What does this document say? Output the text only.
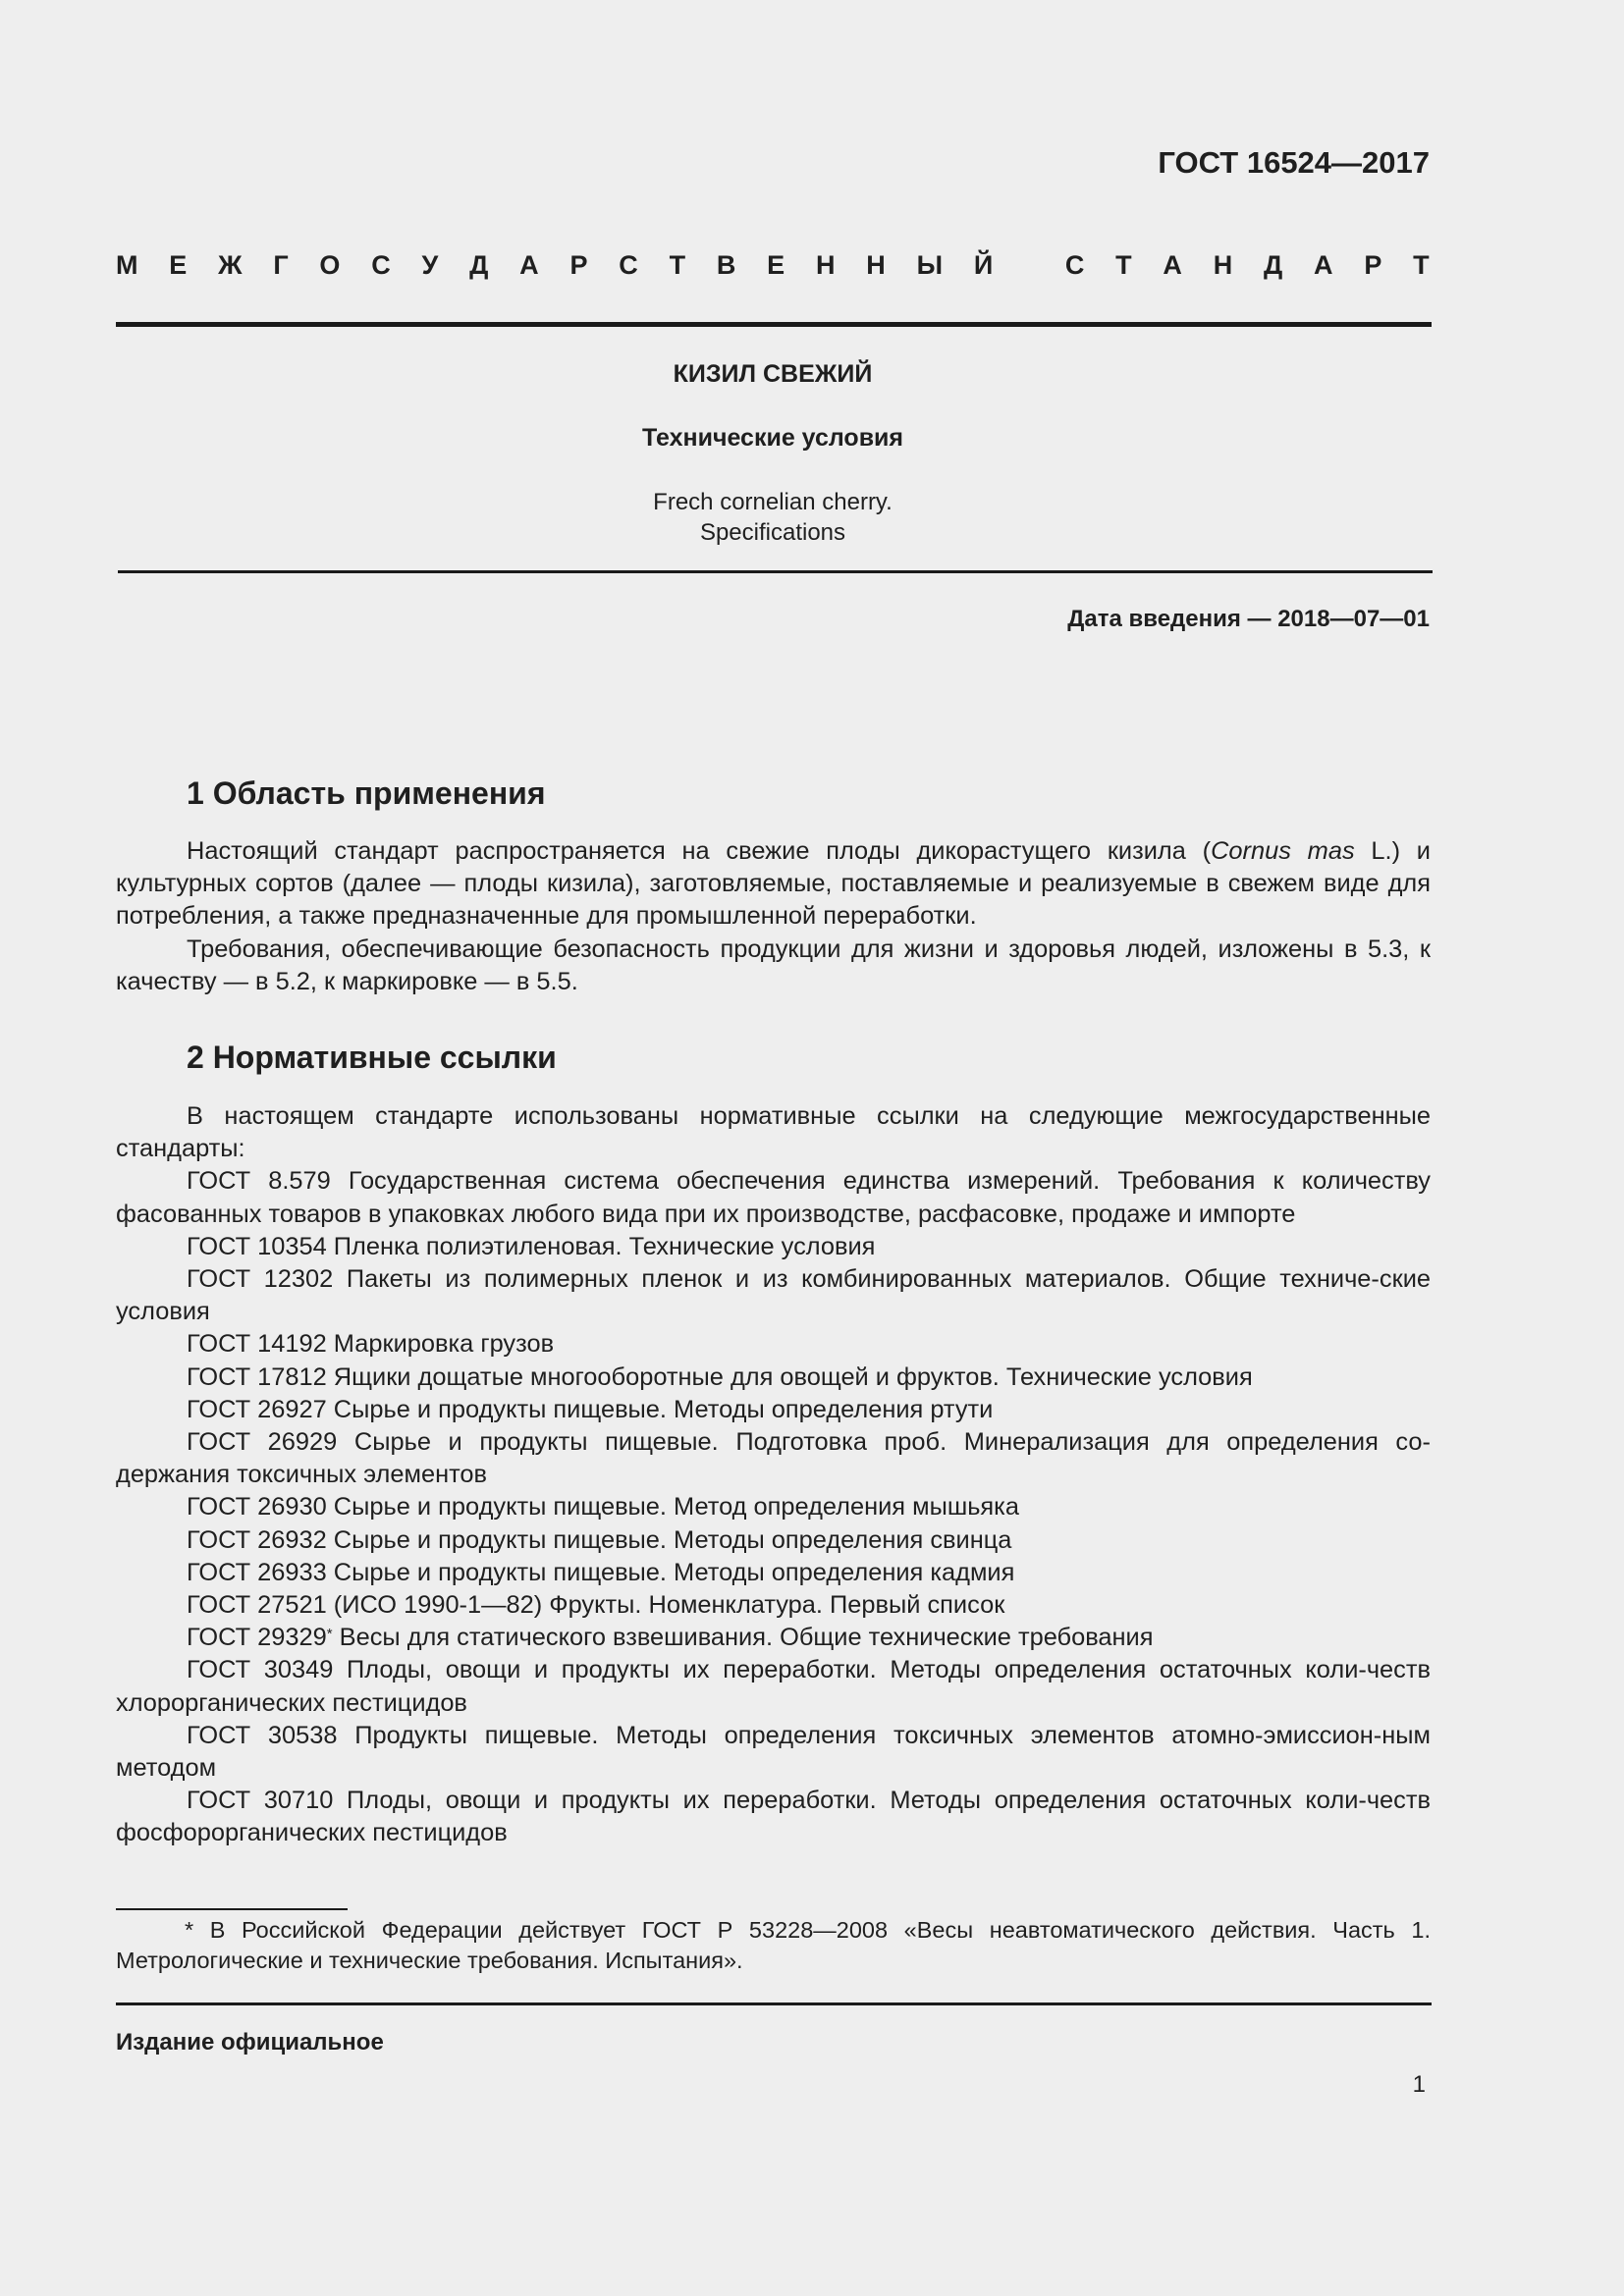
ГОСТ 16524—2017
М Е Ж Г О С У Д А Р С Т В Е Н Н Ы Й	С Т А Н Д А Р Т
КИЗИЛ СВЕЖИЙ
Технические условия
Frech cornelian cherry.
Specifications
Дата введения — 2018—07—01
1 Область применения

Настоящий стандарт распространяется на свежие плоды дикорастущего кизила (Cornus mas L.) и культурных сортов (далее — плоды кизила), заготовляемые, поставляемые и реализуемые в свежем виде для потребления, а также предназначенные для промышленной переработки.

Требования, обеспечивающие безопасность продукции для жизни и здоровья людей, изложены в 5.3, к качеству — в 5.2, к маркировке — в 5.5.

2 Нормативные ссылки

В настоящем стандарте использованы нормативные ссылки на следующие межгосударственные стандарты:

ГОСТ 8.579 Государственная система обеспечения единства измерений. Требования к количеству фасованных товаров в упаковках любого вида при их производстве, расфасовке, продаже и импорте

ГОСТ 10354 Пленка полиэтиленовая. Технические условия

ГОСТ 12302 Пакеты из полимерных пленок и из комбинированных материалов. Общие техниче-ские условия

ГОСТ 14192 Маркировка грузов

ГОСТ 17812 Ящики дощатые многооборотные для овощей и фруктов. Технические условия

ГОСТ 26927 Сырье и продукты пищевые. Методы определения ртути

ГОСТ 26929 Сырье и продукты пищевые. Подготовка проб. Минерализация для определения со-держания токсичных элементов

ГОСТ 26930 Сырье и продукты пищевые. Метод определения мышьяка

ГОСТ 26932 Сырье и продукты пищевые. Методы определения свинца

ГОСТ 26933 Сырье и продукты пищевые. Методы определения кадмия

ГОСТ 27521 (ИСО 1990-1—82) Фрукты. Номенклатура. Первый список

ГОСТ 29329* Весы для статического взвешивания. Общие технические требования

ГОСТ 30349 Плоды, овощи и продукты их переработки. Методы определения остаточных коли-честв хлорорганических пестицидов

ГОСТ 30538 Продукты пищевые. Методы определения токсичных элементов атомно-эмиссион-ным методом

ГОСТ 30710 Плоды, овощи и продукты их переработки. Методы определения остаточных коли-честв фосфорорганических пестицидов

* В Российской Федерации действует ГОСТ Р 53228—2008 «Весы неавтоматического действия. Часть 1. Метрологические и технические требования. Испытания».

Издание официальное
1
